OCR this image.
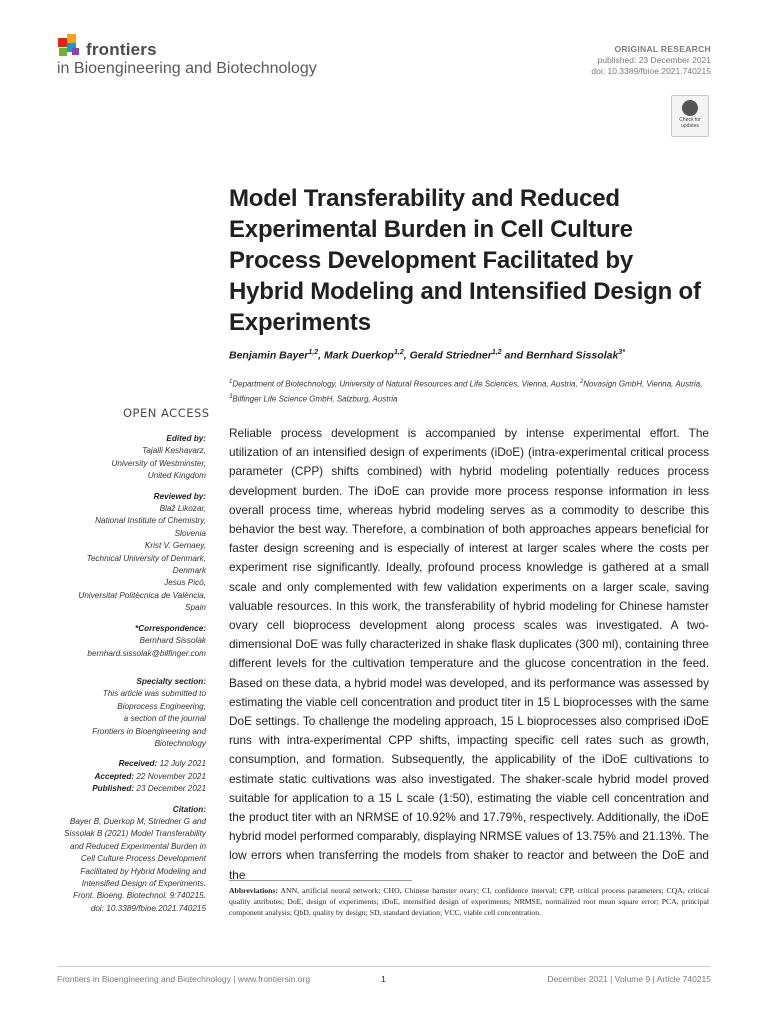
frontiers
in Bioengineering and Biotechnology
ORIGINAL RESEARCH
published: 23 December 2021
doi: 10.3389/fbioe.2021.740215
Check for
updates
Model Transferability and Reduced Experimental Burden in Cell Culture Process Development Facilitated by Hybrid Modeling and Intensified Design of Experiments
Benjamin Bayer$^{1,2}$, Mark Duerkop$^{1,2}$, Gerald Striedner$^{1,2}$ and Bernhard Sissolak$^{3*}$
$^1$Department of Biotechnology, University of Natural Resources and Life Sciences, Vienna, Austria, $^2$Novasign GmbH, Vienna, Austria, $^3$Bilfinger Life Science GmbH, Salzburg, Austria
OPEN ACCESS
Edited by:
Tajalli Keshavarz,
University of Westminster,
United Kingdom
Reviewed by:
Blaž Likozar,
National Institute of Chemistry,
Slovenia
Krist V. Gernaey,
Technical University of Denmark,
Denmark
Jesus Picó,
Universitat Politècnica de València,
Spain
*Correspondence:
Bernhard Sissolak
bernhard.sissolak@bilfinger.com
Specialty section:
This article was submitted to
Bioprocess Engineering,
a section of the journal
Frontiers in Bioengineering and
Biotechnology
Received: 12 July 2021
Accepted: 22 November 2021
Published: 23 December 2021
Citation:
Bayer B, Duerkop M, Striedner G and
Sissolak B (2021) Model Transferability
and Reduced Experimental Burden in
Cell Culture Process Development
Facilitated by Hybrid Modeling and
Intensified Design of Experiments.
Front. Bioeng. Biotechnol. 9:740215.
doi: 10.3389/fbioe.2021.740215
Reliable process development is accompanied by intense experimental effort. The utilization of an intensified design of experiments (iDoE) (intra-experimental critical process parameter (CPP) shifts combined) with hybrid modeling potentially reduces process development burden. The iDoE can provide more process response information in less overall process time, whereas hybrid modeling serves as a commodity to describe this behavior the best way. Therefore, a combination of both approaches appears beneficial for faster design screening and is especially of interest at larger scales where the costs per experiment rise significantly. Ideally, profound process knowledge is gathered at a small scale and only complemented with few validation experiments on a larger scale, saving valuable resources. In this work, the transferability of hybrid modeling for Chinese hamster ovary cell bioprocess development along process scales was investigated. A two-dimensional DoE was fully characterized in shake flask duplicates (300 ml), containing three different levels for the cultivation temperature and the glucose concentration in the feed. Based on these data, a hybrid model was developed, and its performance was assessed by estimating the viable cell concentration and product titer in 15 L bioprocesses with the same DoE settings. To challenge the modeling approach, 15 L bioprocesses also comprised iDoE runs with intra-experimental CPP shifts, impacting specific cell rates such as growth, consumption, and formation. Subsequently, the applicability of the iDoE cultivations to estimate static cultivations was also investigated. The shaker-scale hybrid model proved suitable for application to a 15 L scale (1:50), estimating the viable cell concentration and the product titer with an NRMSE of 10.92% and 17.79%, respectively. Additionally, the iDoE hybrid model performed comparably, displaying NRMSE values of 13.75% and 21.13%. The low errors when transferring the models from shaker to reactor and between the DoE and the
Abbreviations: ANN, artificial neural network; CHO, Chinese hamster ovary; CI, confidence interval; CPP, critical process parameters; CQA, critical quality attributes; DoE, design of experiments; iDoE, intensified design of experiments; NRMSE, normalized root mean square error; PCA, principal component analysis; QbD, quality by design; SD, standard deviation; VCC, viable cell concentration.
Frontiers in Bioengineering and Biotechnology | www.frontiersin.org	1	December 2021 | Volume 9 | Article 740215
